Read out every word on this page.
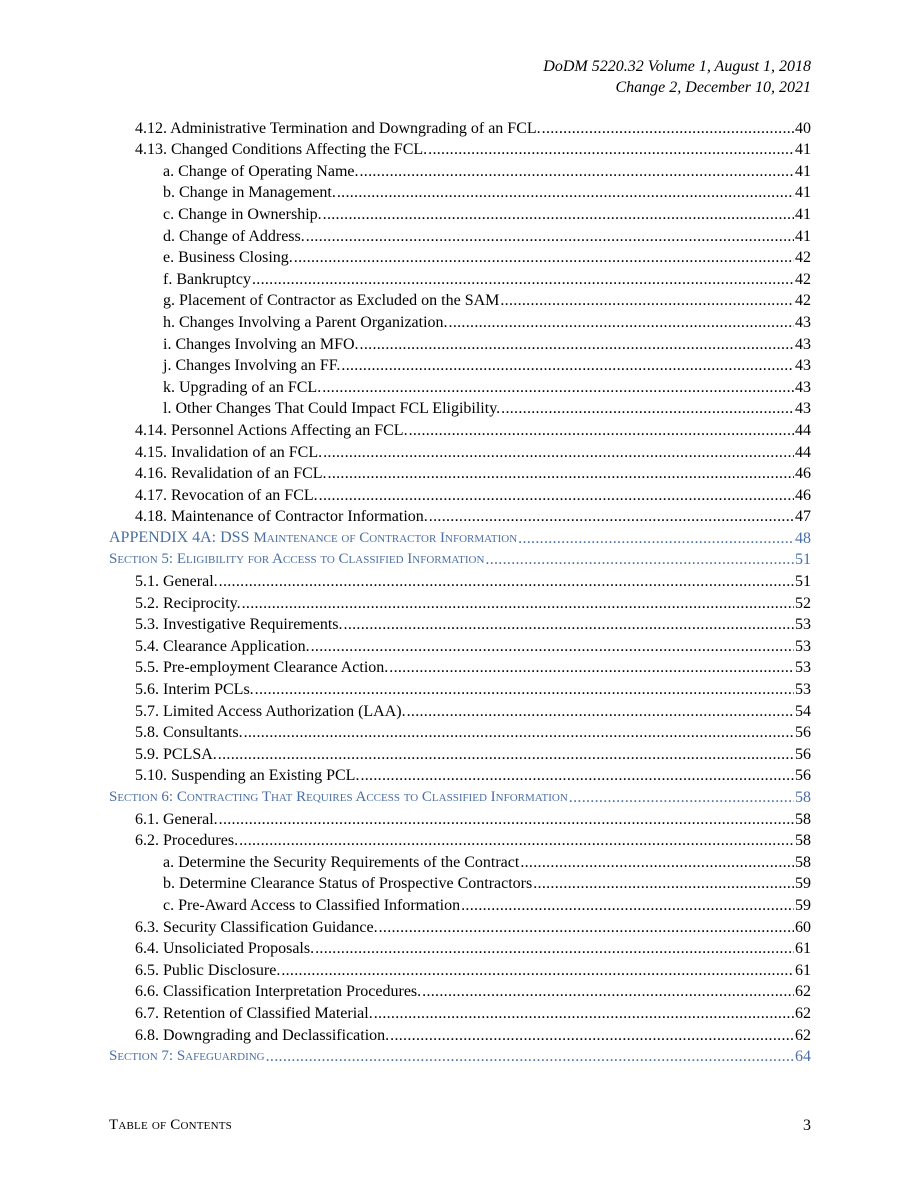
DoDM 5220.32 Volume 1, August 1, 2018
Change 2, December 10, 2021
4.12. Administrative Termination and Downgrading of an FCL. .....	40
4.13. Changed Conditions Affecting the FCL. .....	41
a. Change of Operating Name. .....	41
b. Change in Management. .....	41
c. Change in Ownership. .....	41
d. Change of Address. .....	41
e. Business Closing. .....	42
f. Bankruptcy .....	42
g. Placement of Contractor as Excluded on the SAM .....	42
h. Changes Involving a Parent Organization. .....	43
i. Changes Involving an MFO. .....	43
j. Changes Involving an FF. .....	43
k. Upgrading of an FCL. .....	43
l. Other Changes That Could Impact FCL Eligibility. .....	43
4.14. Personnel Actions Affecting an FCL. .....	44
4.15. Invalidation of an FCL. .....	44
4.16. Revalidation of an FCL. .....	46
4.17. Revocation of an FCL. .....	46
4.18. Maintenance of Contractor Information. .....	47
APPENDIX 4A: DSS Maintenance of Contractor Information .....	48
Section 5: Eligibility for Access to Classified Information .....	51
5.1. General. .....	51
5.2. Reciprocity. .....	52
5.3. Investigative Requirements. .....	53
5.4. Clearance Application. .....	53
5.5. Pre-employment Clearance Action. .....	53
5.6. Interim PCLs. .....	53
5.7. Limited Access Authorization (LAA). .....	54
5.8. Consultants. .....	56
5.9. PCLSA. .....	56
5.10. Suspending an Existing PCL. .....	56
Section 6: Contracting That Requires Access to Classified Information .....	58
6.1. General. .....	58
6.2. Procedures. .....	58
a. Determine the Security Requirements of the Contract .....	58
b. Determine Clearance Status of Prospective Contractors .....	59
c. Pre-Award Access to Classified Information .....	59
6.3. Security Classification Guidance. .....	60
6.4. Unsoliciated Proposals. .....	61
6.5. Public Disclosure. .....	61
6.6. Classification Interpretation Procedures. .....	62
6.7. Retention of Classified Material. .....	62
6.8. Downgrading and Declassification. .....	62
Section 7: Safeguarding .....	64
Table of Contents	3
